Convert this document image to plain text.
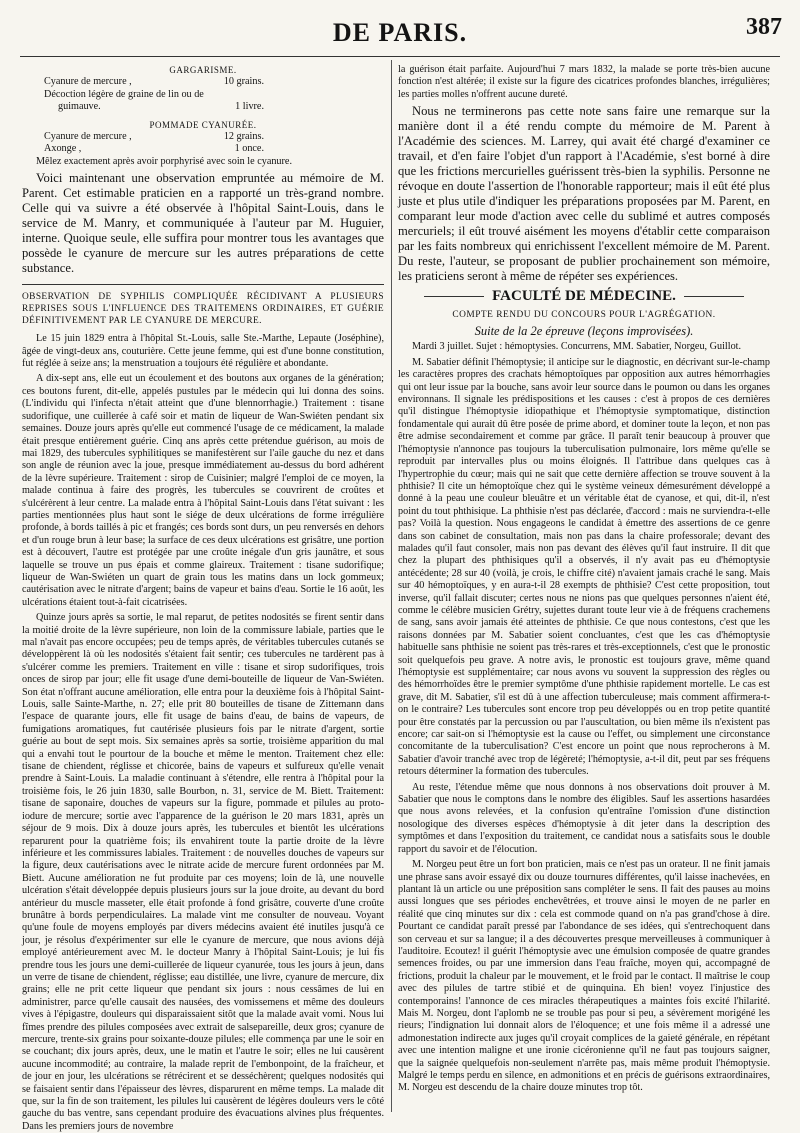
DE PARIS.	387
GARGARISME.
Cyanure de mercure ,	10 grains.
Décoction légère de graine de lin ou de
guimauve.	1 livre.
POMMADE CYANURÉE.
Cyanure de mercure ,	12 grains.
Axonge ,	1 once.

Mêlez exactement après avoir porphyrisé avec soin le cyanure.

Voici maintenant une observation empruntée au mémoire de M. Parent. Cet estimable praticien en a rapporté un très-grand nombre. Celle qui va suivre a été observée à l'hôpital Saint-Louis, dans le service de M. Manry, et communiquée à l'auteur par M. Huguier, interne. Quoique seule, elle suffira pour montrer tous les avantages que possède le cyanure de mercure sur les autres préparations de cette substance.

OBSERVATION DE SYPHILIS COMPLIQUÉE RÉCIDIVANT A PLUSIEURS REPRISES SOUS L'INFLUENCE DES TRAITEMENS ORDINAIRES, ET GUÉRIE DÉFINITIVEMENT PAR LE CYANURE DE MERCURE.

Le 15 juin 1829 entra à l'hôpital St.-Louis, salle Ste.-Marthe, Lepaute (Joséphine), âgée de vingt-deux ans, couturière. Cette jeune femme, qui est d'une bonne constitution, fut réglée à seize ans; la menstruation a toujours été régulière et abondante.

A dix-sept ans, elle eut un écoulement et des boutons aux organes de la génération; ces boutons furent, dit-elle, appelés pustules par le médecin qui lui donna des soins. (L'individu qui l'infecta n'était atteint que d'une blennorrhagie.) Traitement : tisane sudorifique, une cuillerée à café soir et matin de liqueur de Wan-Swiéten pendant six semaines. Douze jours après qu'elle eut commencé l'usage de ce médicament, la malade était presque entièrement guérie. Cinq ans après cette prétendue guérison, au mois de mai 1829, des tubercules syphilitiques se manifestèrent sur l'aile gauche du nez et dans son angle de réunion avec la joue, presque immédiatement au-dessus du bord adhérent de la lèvre supérieure. Traitement : sirop de Cuisinier; malgré l'emploi de ce moyen, la malade continua à faire des progrès, les tubercules se couvrirent de croûtes et s'ulcérèrent à leur centre. La malade entra à l'hôpital Saint-Louis dans l'état suivant : les parties mentionnées plus haut sont le siége de deux ulcérations de forme irrégulière profonde, à bords taillés à pic et frangés; ces bords sont durs, un peu renversés en dehors et d'un rouge brun à leur base; la surface de ces deux ulcérations est grisâtre, une portion est à découvert, l'autre est protégée par une croûte inégale d'un gris jaunâtre, et sous laquelle se trouve un pus épais et comme glaireux. Traitement : tisane sudorifique; liqueur de Wan-Swiéten un quart de grain tous les matins dans un lock gommeux; cautérisation avec le nitrate d'argent; bains de vapeur et bains d'eau. Sortie le 16 août, les ulcérations étaient tout-à-fait cicatrisées.

Quinze jours après sa sortie, le mal reparut, de petites nodosités se firent sentir dans la moitié droite de la lèvre supérieure, non loin de la commissure labiale, parties que le mal n'avait pas encore occupées; peu de temps après, de véritables tubercules cutanés se développèrent là où les nodosités s'étaient fait sentir; ces tubercules ne tardèrent pas à s'ulcérer comme les premiers. Traitement en ville : tisane et sirop sudorifiques, trois onces de sirop par jour; elle fit usage d'une demi-bouteille de liqueur de Van-Swiéten. Son état n'offrant aucune amélioration, elle entra pour la deuxième fois à l'hôpital Saint-Louis, salle Sainte-Marthe, n. 27; elle prit 80 bouteilles de tisane de Zittemann dans l'espace de quarante jours, elle fit usage de bains d'eau, de bains de vapeurs, de fumigations aromatiques, fut cautérisée plusieurs fois par le nitrate d'argent, sortie guérie au bout de sept mois. Six semaines après sa sortie, troisième apparition du mal qui a envahi tout le pourtour de la bouche et même le menton. Traitement chez elle: tisane de chiendent, réglisse et chicorée, bains de vapeurs et sulfureux qu'elle venait prendre à Saint-Louis. La maladie continuant à s'étendre, elle rentra à l'hôpital pour la troisième fois, le 26 juin 1830, salle Bourbon, n. 31, service de M. Biett. Traitement: tisane de saponaire, douches de vapeurs sur la figure, pommade et pilules au proto-iodure de mercure; sortie avec l'apparence de la guérison le 20 mars 1831, après un séjour de 9 mois. Dix à douze jours après, les tubercules et bientôt les ulcérations reparurent pour la quatrième fois; ils envahirent toute la partie droite de la lèvre inférieure et les commissures labiales. Traitement : de nouvelles douches de vapeurs sur la figure, deux cautérisations avec le nitrate acide de mercure furent ordonnées par M. Biett. Aucune amélioration ne fut produite par ces moyens; loin de là, une nouvelle ulcération s'était développée depuis plusieurs jours sur la joue droite, au devant du bord antérieur du muscle masseter, elle était profonde à fond grisâtre, couverte d'une croûte brunâtre à bords perpendiculaires. La malade vint me consulter de nouveau. Voyant qu'une foule de moyens employés par divers médecins avaient été inutiles jusqu'à ce jour, je résolus d'expérimenter sur elle le cyanure de mercure, que nous avions déjà employé antérieurement avec M. le docteur Manry à l'hôpital Saint-Louis; je lui fis prendre tous les jours une demi-cuillerée de liqueur cyanurée, tous les jours à jeun, dans un verre de tisane de chiendent, réglisse; eau distillée, une livre, cyanure de mercure, dix grains; elle ne prit cette liqueur que pendant six jours : nous cessâmes de lui en administrer, parce qu'elle causait des nausées, des vomissemens et même des douleurs vives à l'épigastre, douleurs qui disparaissaient sitôt que la malade avait vomi. Nous lui fîmes prendre des pilules composées avec extrait de salsepareille, deux gros; cyanure de mercure, trente-six grains pour soixante-douze pilules; elle commença par une le soir en se couchant; dix jours après, deux, une le matin et l'autre le soir; elles ne lui causèrent aucune incommodité; au contraire, la malade reprit de l'embonpoint, de la fraîcheur, et de jour en jour, les ulcérations se rétrécirent et se desséchèrent; quelques nodosités qui se faisaient sentir dans l'épaisseur des lèvres, disparurent en même temps. La malade dit que, sur la fin de son traitement, les pilules lui causèrent de légères douleurs vers le côté gauche du bas ventre, sans cependant produire des évacuations alvines plus fréquentes. Dans les premiers jours de novembre

la guérison était parfaite. Aujourd'hui 7 mars 1832, la malade se porte très-bien aucune fonction n'est altérée; il existe sur la figure des cicatrices profondes blanches, irrégulières; les parties molles n'offrent aucune dureté.

Nous ne terminerons pas cette note sans faire une remarque sur la manière dont il a été rendu compte du mémoire de M. Parent à l'Académie des sciences. M. Larrey, qui avait été chargé d'examiner ce travail, et d'en faire l'objet d'un rapport à l'Académie, s'est borné à dire que les frictions mercurielles guérissent très-bien la syphilis. Personne ne révoque en doute l'assertion de l'honorable rapporteur; mais il eût été plus juste et plus utile d'indiquer les préparations proposées par M. Parent, en comparant leur mode d'action avec celle du sublimé et autres composés mercuriels; il eût trouvé aisément les moyens d'établir cette comparaison par les faits nombreux qui enrichissent l'excellent mémoire de M. Parent. Du reste, l'auteur, se proposant de publier prochainement son mémoire, les praticiens seront à même de répéter ses expériences.

FACULTÉ DE MÉDECINE.
COMPTE RENDU DU CONCOURS POUR L'AGRÉGATION.
Suite de la 2e épreuve (leçons improvisées).

Mardi 3 juillet. Sujet : hémoptysies. Concurrens, MM. Sabatier, Norgeu, Guillot.

M. Sabatier définit l'hémoptysie; il anticipe sur le diagnostic, en décrivant sur-le-champ les caractères propres des crachats hémoptoïques par opposition aux autres hémorrhagies qui ont leur issue par la bouche, sans avoir leur source dans le poumon ou dans les organes environnans. Il signale les prédispositions et les causes : c'est à propos de ces dernières qu'il distingue l'hémoptysie idiopathique et l'hémoptysie symptomatique, distinction fondamentale qui aurait dû être posée de prime abord, et dominer toute la leçon, et non pas être admise secondairement et comme par grâce. Il paraît tenir beaucoup à prouver que l'hémoptysie n'annonce pas toujours la tuberculisation pulmonaire, lors même qu'elle se reproduit par intervalles plus ou moins éloignés. Il l'attribue dans quelques cas à l'hypertrophie du cœur; mais qui ne sait que cette dernière affection se trouve souvent à la phthisie? Il cite un hémoptoïque chez qui le système veineux démesurément développé a donné à la peau une couleur bleuâtre et un véritable état de cyanose, et qui, dit-il, n'est point du tout phthisique. La phthisie n'est pas déclarée, d'accord : mais ne surviendra-t-elle pas? Voilà la question. Nous engageons le candidat à émettre des assertions de ce genre dans son cabinet de consultation, mais non pas dans la chaire professorale; devant des malades qu'il faut consoler, mais non pas devant des élèves qu'il faut instruire. Il dit que chez la plupart des phthisiques qu'il a observés, il n'y avait pas eu d'hémoptysie antécédente; 28 sur 40 (voilà, je crois, le chiffre cité) n'avaient jamais craché le sang. Mais sur 40 hémoptoïques, y en aura-t-il 28 exempts de phthisie? C'est cette proposition, tout inverse, qu'il fallait discuter; certes nous ne nions pas que quelques personnes n'aient été, comme le célèbre musicien Grétry, sujettes durant toute leur vie à de fréquens crachemens de sang, sans avoir jamais été atteintes de phthisie. Ce que nous contestons, c'est que les raisons données par M. Sabatier soient concluantes, c'est que les cas d'hémoptysie habituelle sans phthisie ne soient pas très-rares et très-exceptionnels, c'est que le pronostic soit quelquefois peu grave. A notre avis, le pronostic est toujours grave, même quand l'hémoptysie est supplémentaire; car nous avons vu souvent la suppression des règles ou des hémorrhoïdes être le premier symptôme d'une phthisie rapidement mortelle. Le cas est grave, dit M. Sabatier, s'il est dû à une affection tuberculeuse; mais comment affirmera-t-on le contraire? Les tubercules sont encore trop peu développés ou en trop petite quantité pour être constatés par la percussion ou par l'auscultation, ou bien même ils n'existent pas encore; car sait-on si l'hémoptysie est la cause ou l'effet, ou simplement une circonstance concomitante de la tuberculisation? C'est encore un point que nous reprocherons à M. Sabatier d'avoir tranché avec trop de légèreté; l'hémoptysie, a-t-il dit, peut par ses fréquens retours déterminer la formation des tubercules.

Au reste, l'étendue même que nous donnons à nos observations doit prouver à M. Sabatier que nous le comptons dans le nombre des éligibles. Sauf les assertions hasardées que nous avons relevées, et la confusion qu'entraîne l'omission d'une distinction nosologique des diverses espèces d'hémoptysie à dit jeter dans la description des symptômes et dans l'exposition du traitement, ce candidat nous a satisfaits sous le double rapport du savoir et de l'élocution.

M. Norgeu peut être un fort bon praticien, mais ce n'est pas un orateur. Il ne finit jamais une phrase sans avoir essayé dix ou douze tournures différentes, qu'il laisse inachevées, en plantant là un article ou une préposition sans compléter le sens. Il fait des pauses au moins aussi longues que ses périodes enchevêtrées, et trouve ainsi le moyen de ne parler en réalité que cinq minutes sur dix : cela est commode quand on n'a pas grand'chose à dire. Pourtant ce candidat paraît pressé par l'abondance de ses idées, qui s'entrechoquent dans son cerveau et sur sa langue; il a des découvertes presque merveilleuses à communiquer à l'auditoire. Ecoutez! il guérit l'hémoptysie avec une émulsion composée de quatre grandes semences froides, ou par une immersion dans l'eau fraîche, moyen qui, accompagné de frictions, produit la chaleur par le mouvement, et le froid par le contact. Il maîtrise le coup avec des pilules de tartre stibié et de quinquina. Eh bien! voyez l'injustice des contemporains! l'annonce de ces miracles thérapeutiques a maintes fois excité l'hilarité. Mais M. Norgeu, dont l'aplomb ne se trouble pas pour si peu, a sévèrement morigéné les rieurs; l'indignation lui donnait alors de l'éloquence; et une fois même il a adressé une admonestation indirecte aux juges qu'il croyait complices de la gaieté générale, en répétant avec une intention maligne et une ironie cicéronienne qu'il ne faut pas toujours saigner, que la saignée quelquefois non-seulement n'arrête pas, mais même produit l'hémoptysie. Malgré le temps perdu en silence, en admonitions et en précis de guérisons extraordinaires, M. Norgeu est descendu de la chaire douze minutes trop tôt.
